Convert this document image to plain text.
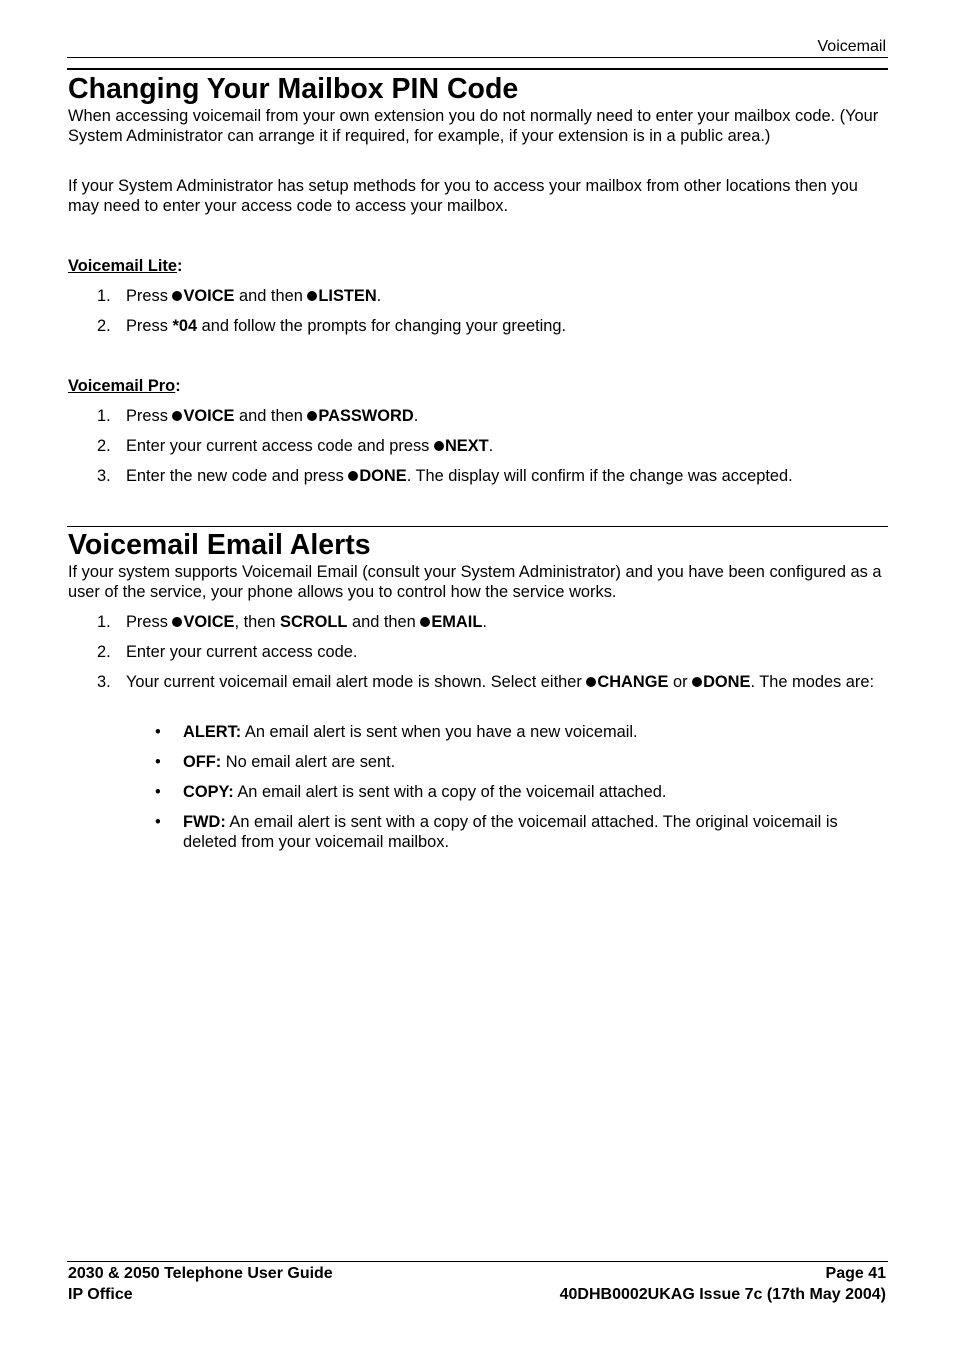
Voicemail
Changing Your Mailbox PIN Code

When accessing voicemail from your own extension you do not normally need to enter your mailbox code. (Your System Administrator can arrange it if required, for example, if your extension is in a public area.)

If your System Administrator has setup methods for you to access your mailbox from other locations then you may need to enter your access code to access your mailbox.

Voicemail Lite:
1. Press VOICE and then LISTEN.
2. Press *04 and follow the prompts for changing your greeting.
Voicemail Pro:
1. Press VOICE and then PASSWORD.
2. Enter your current access code and press NEXT.
3. Enter the new code and press DONE. The display will confirm if the change was accepted.
Voicemail Email Alerts

If your system supports Voicemail Email (consult your System Administrator) and you have been configured as a user of the service, your phone allows you to control how the service works.

1. Press VOICE, then SCROLL and then EMAIL.
2. Enter your current access code.
3. Your current voicemail email alert mode is shown. Select either CHANGE or DONE. The modes are:
• ALERT: An email alert is sent when you have a new voicemail.
• OFF: No email alert are sent.
• COPY: An email alert is sent with a copy of the voicemail attached.
• FWD: An email alert is sent with a copy of the voicemail attached. The original voicemail is deleted from your voicemail mailbox.
2030 & 2050 Telephone User Guide	Page 41
IP Office	40DHB0002UKAG Issue 7c (17th May 2004)
